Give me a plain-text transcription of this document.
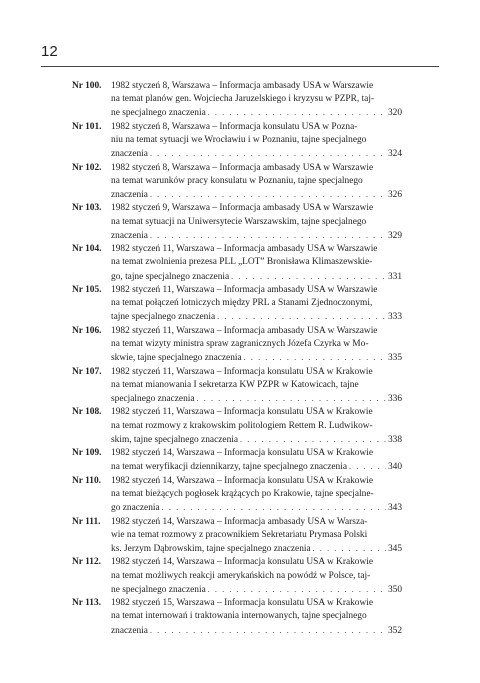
12
Nr 100. 1982 styczeń 8, Warszawa – Informacja ambasady USA w Warszawie
na temat planów gen. Wojciecha Jaruzelskiego i kryzysu w PZPR, taj-
ne specjalnego znaczenia . . .	320
Nr 101. 1982 styczeń 8, Warszawa – Informacja konsulatu USA w Pozna-
niu na temat sytuacji we Wrocławiu i w Poznaniu, tajne specjalnego
znaczenia . . .	324
Nr 102. 1982 styczeń 8, Warszawa – Informacja ambasady USA w Warszawie
na temat warunków pracy konsulatu w Poznaniu, tajne specjalnego
znaczenia . . .	326
Nr 103. 1982 styczeń 9, Warszawa – Informacja ambasady USA w Warszawie
na temat sytuacji na Uniwersytecie Warszawskim, tajne specjalnego
znaczenia . . .	329
Nr 104. 1982 styczeń 11, Warszawa – Informacja ambasady USA w Warszawie
na temat zwolnienia prezesa PLL „LOT” Bronisława Klimaszewskie-
go, tajne specjalnego znaczenia . . .	331
Nr 105. 1982 styczeń 11, Warszawa – Informacja ambasady USA w Warszawie
na temat połączeń lotniczych między PRL a Stanami Zjednoczonymi,
tajne specjalnego znaczenia . . .	333
Nr 106. 1982 styczeń 11, Warszawa – Informacja ambasady USA w Warszawie
na temat wizyty ministra spraw zagranicznych Józefa Czyrka w Mo-
skwie, tajne specjalnego znaczenia . . .	335
Nr 107. 1982 styczeń 11, Warszawa – Informacja konsulatu USA w Krakowie
na temat mianowania I sekretarza KW PZPR w Katowicach, tajne
specjalnego znaczenia . . .	336
Nr 108. 1982 styczeń 11, Warszawa – Informacja konsulatu USA w Krakowie
na temat rozmowy z krakowskim politologiem Rettem R. Ludwikow-
skim, tajne specjalnego znaczenia . . .	338
Nr 109. 1982 styczeń 14, Warszawa – Informacja konsulatu USA w Krakowie
na temat weryfikacji dziennikarzy, tajne specjalnego znaczenia . . .	340
Nr 110. 1982 styczeń 14, Warszawa – Informacja konsulatu USA w Krakowie
na temat bieżących pogłosek krążących po Krakowie, tajne specjalne-
go znaczenia . . .	343
Nr 111. 1982 styczeń 14, Warszawa – Informacja ambasady USA w Warsza-
wie na temat rozmowy z pracownikiem Sekretariatu Prymasa Polski
ks. Jerzym Dąbrowskim, tajne specjalnego znaczenia . . .	345
Nr 112. 1982 styczeń 14, Warszawa – Informacja konsulatu USA w Krakowie
na temat możliwych reakcji amerykańskich na powódź w Polsce, taj-
ne specjalnego znaczenia . . .	350
Nr 113. 1982 styczeń 15, Warszawa – Informacja konsulatu USA w Krakowie
na temat internowań i traktowania internowanych, tajne specjalnego
znaczenia . . .	352
